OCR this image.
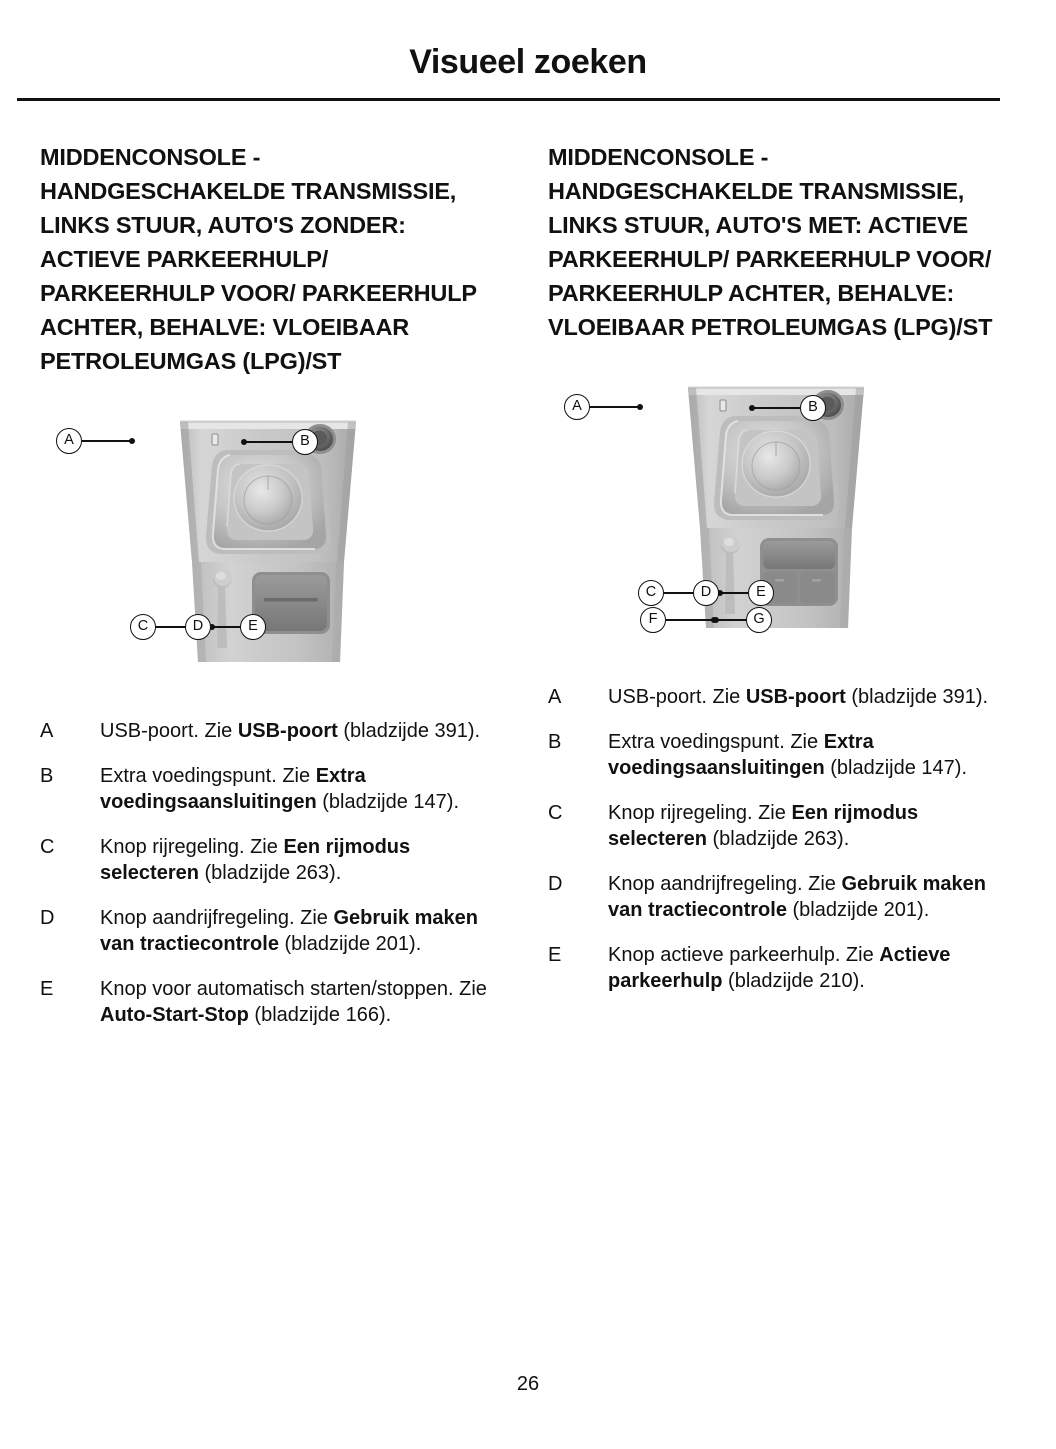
Visueel zoeken
MIDDENCONSOLE - HANDGESCHAKELDE TRANSMISSIE, LINKS STUUR, AUTO'S ZONDER: ACTIEVE PARKEERHULP/ PARKEERHULP VOOR/ PARKEERHULP ACHTER, BEHALVE: VLOEIBAAR PETROLEUMGAS (LPG)/ST
A	B
C	D	E
A	USB-poort. Zie USB-poort (bladzijde 391).
B	Extra voedingspunt. Zie Extra voedingsaansluitingen (bladzijde 147).
C	Knop rijregeling. Zie Een rijmodus selecteren (bladzijde 263).
D	Knop aandrijfregeling. Zie Gebruik maken van tractiecontrole (bladzijde 201).
E	Knop voor automatisch starten/stoppen. Zie Auto-Start-Stop (bladzijde 166).
MIDDENCONSOLE - HANDGESCHAKELDE TRANSMISSIE, LINKS STUUR, AUTO'S MET: ACTIEVE PARKEERHULP/ PARKEERHULP VOOR/ PARKEERHULP ACHTER, BEHALVE: VLOEIBAAR PETROLEUMGAS (LPG)/ST
A	B
C	D	E
F	G
A	USB-poort. Zie USB-poort (bladzijde 391).
B	Extra voedingspunt. Zie Extra voedingsaansluitingen (bladzijde 147).
C	Knop rijregeling. Zie Een rijmodus selecteren (bladzijde 263).
D	Knop aandrijfregeling. Zie Gebruik maken van tractiecontrole (bladzijde 201).
E	Knop actieve parkeerhulp. Zie Actieve parkeerhulp (bladzijde 210).
26
